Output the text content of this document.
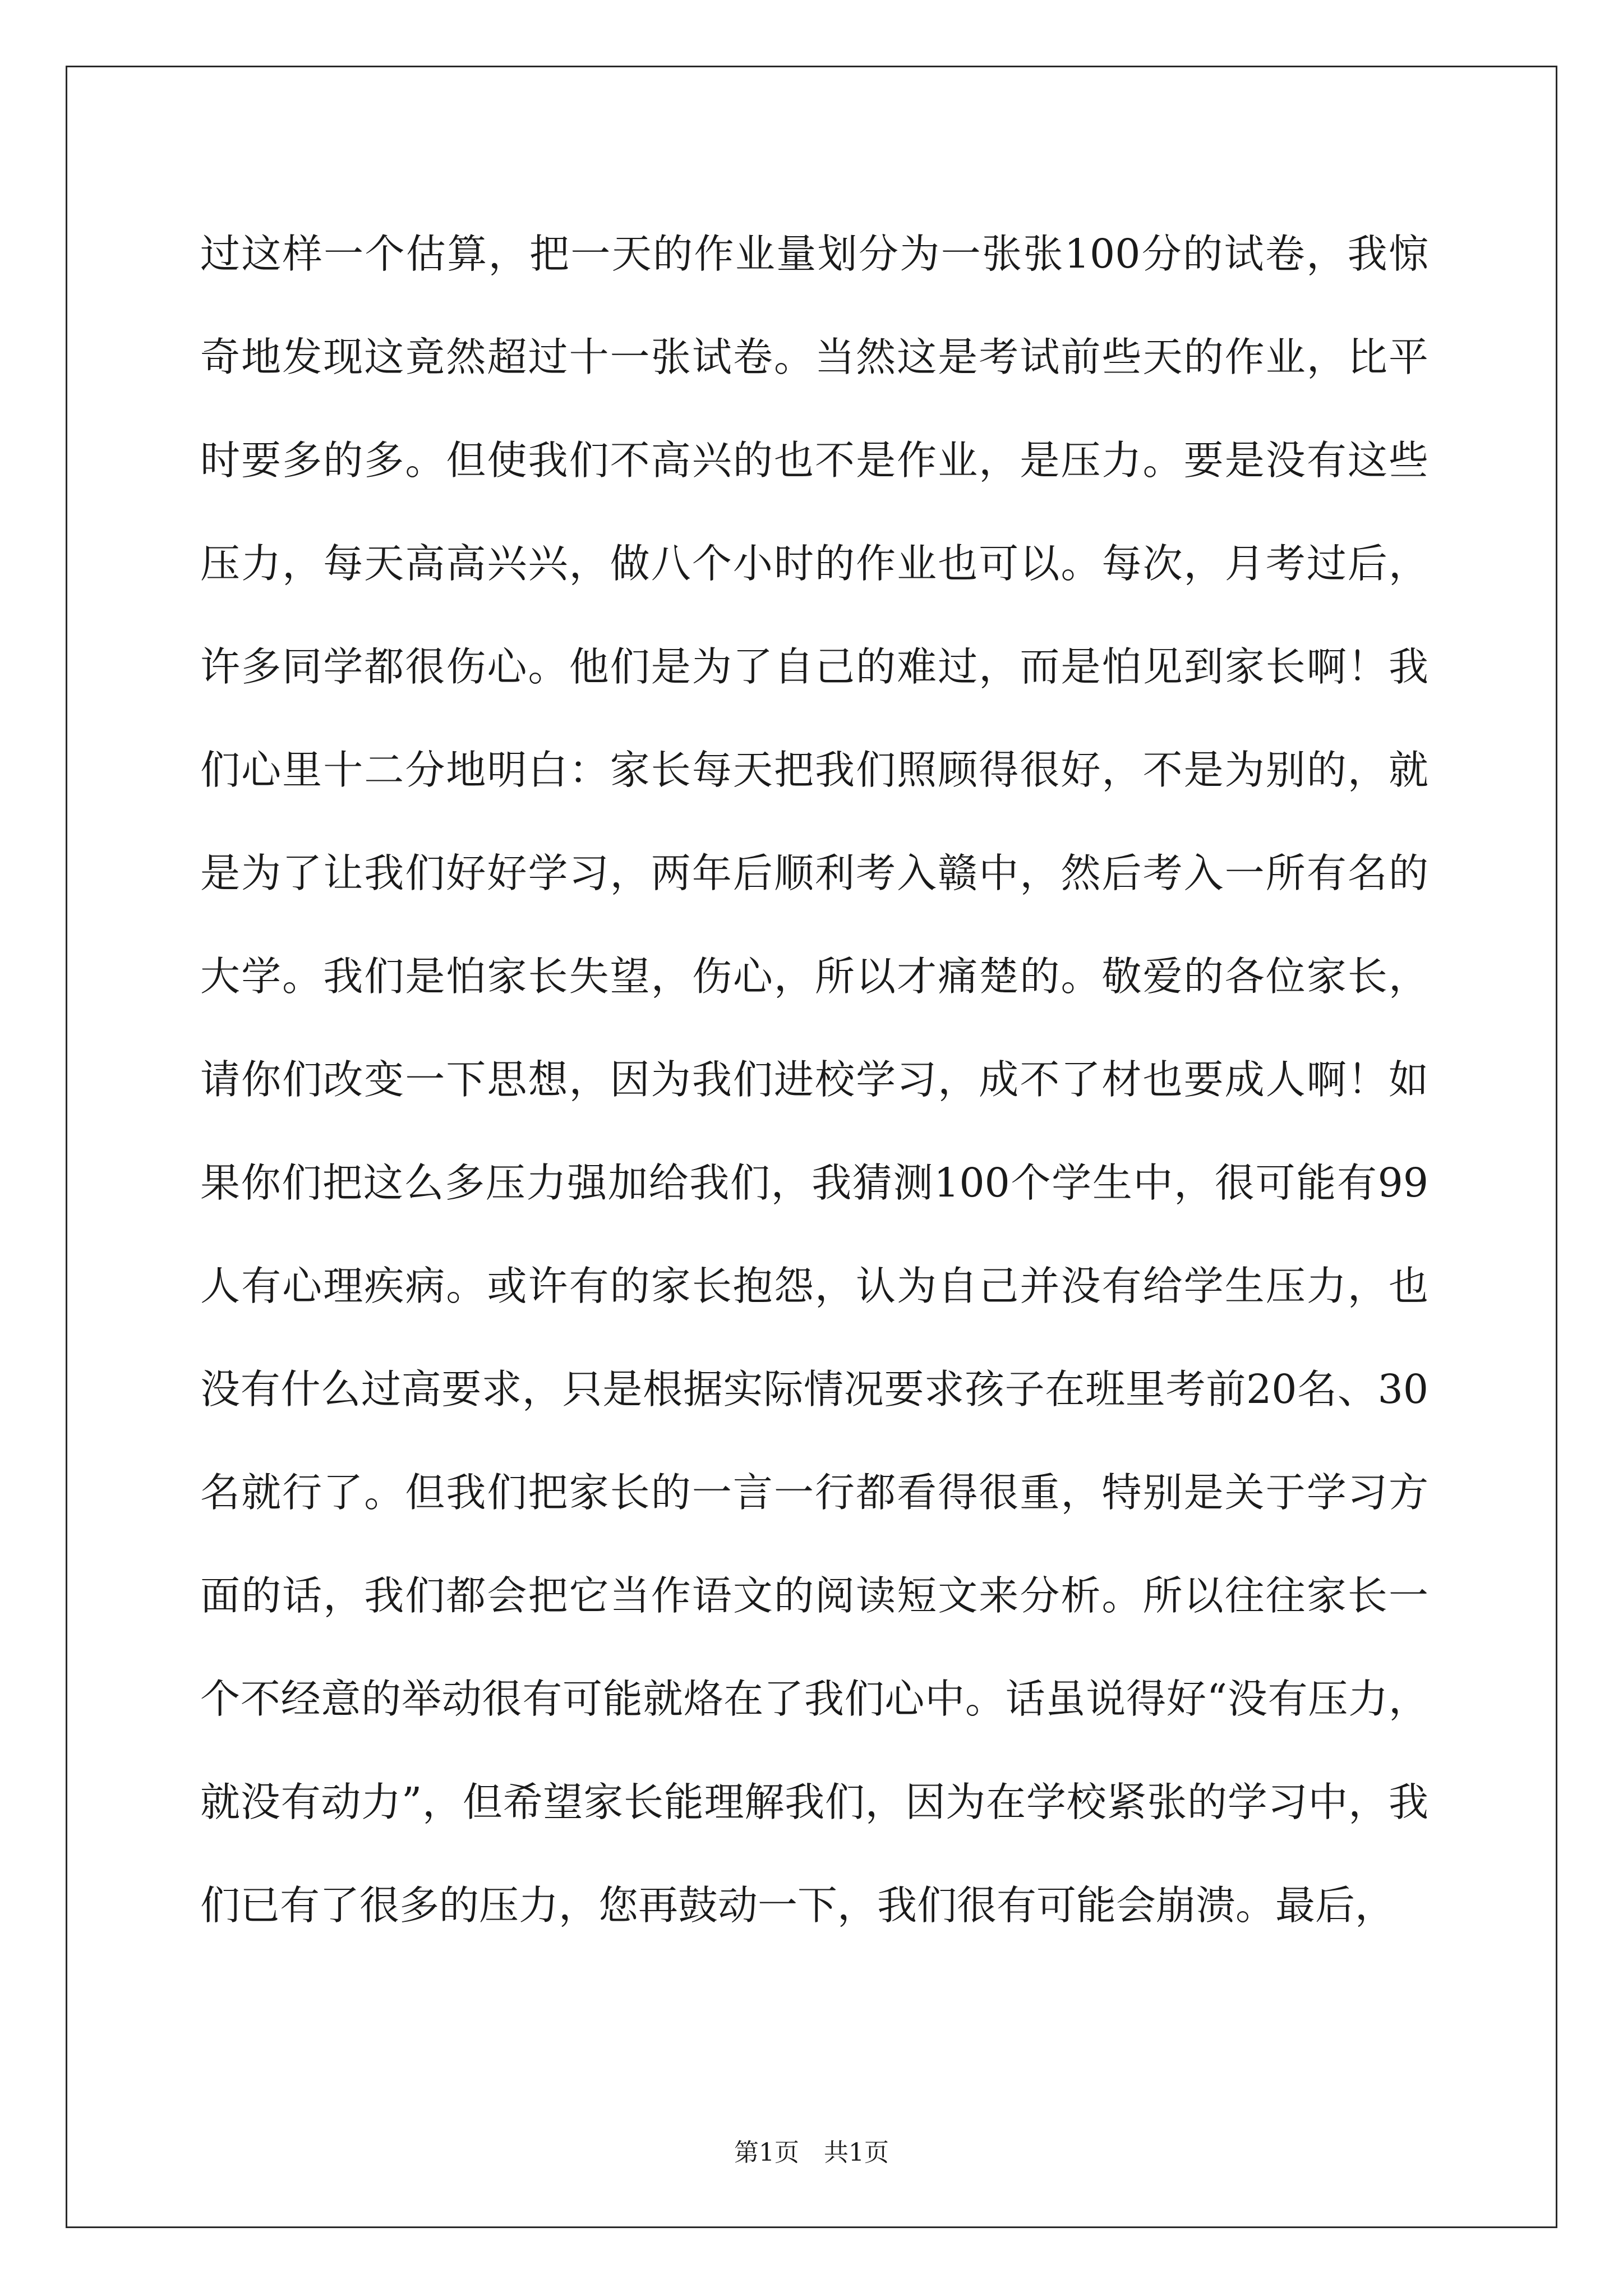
过这样一个估算，把一天的作业量划分为一张张100分的试卷，我惊
奇地发现这竟然超过十一张试卷。当然这是考试前些天的作业，比平
时要多的多。但使我们不高兴的也不是作业，是压力。要是没有这些
压力，每天高高兴兴，做八个小时的作业也可以。每次，月考过后，
许多同学都很伤心。他们是为了自己的难过，而是怕见到家长啊！我
们心里十二分地明白：家长每天把我们照顾得很好，不是为别的，就
是为了让我们好好学习，两年后顺利考入赣中，然后考入一所有名的
大学。我们是怕家长失望，伤心，所以才痛楚的。敬爱的各位家长，
请你们改变一下思想，因为我们进校学习，成不了材也要成人啊！如
果你们把这么多压力强加给我们，我猜测100个学生中，很可能有99
人有心理疾病。或许有的家长抱怨，认为自己并没有给学生压力，也
没有什么过高要求，只是根据实际情况要求孩子在班里考前20名、30
名就行了。但我们把家长的一言一行都看得很重，特别是关于学习方
面的话，我们都会把它当作语文的阅读短文来分析。所以往往家长一
个不经意的举动很有可能就烙在了我们心中。话虽说得好“没有压力，
就没有动力”，但希望家长能理解我们，因为在学校紧张的学习中，我
们已有了很多的压力，您再鼓动一下，我们很有可能会崩溃。最后，
第1页　共1页
